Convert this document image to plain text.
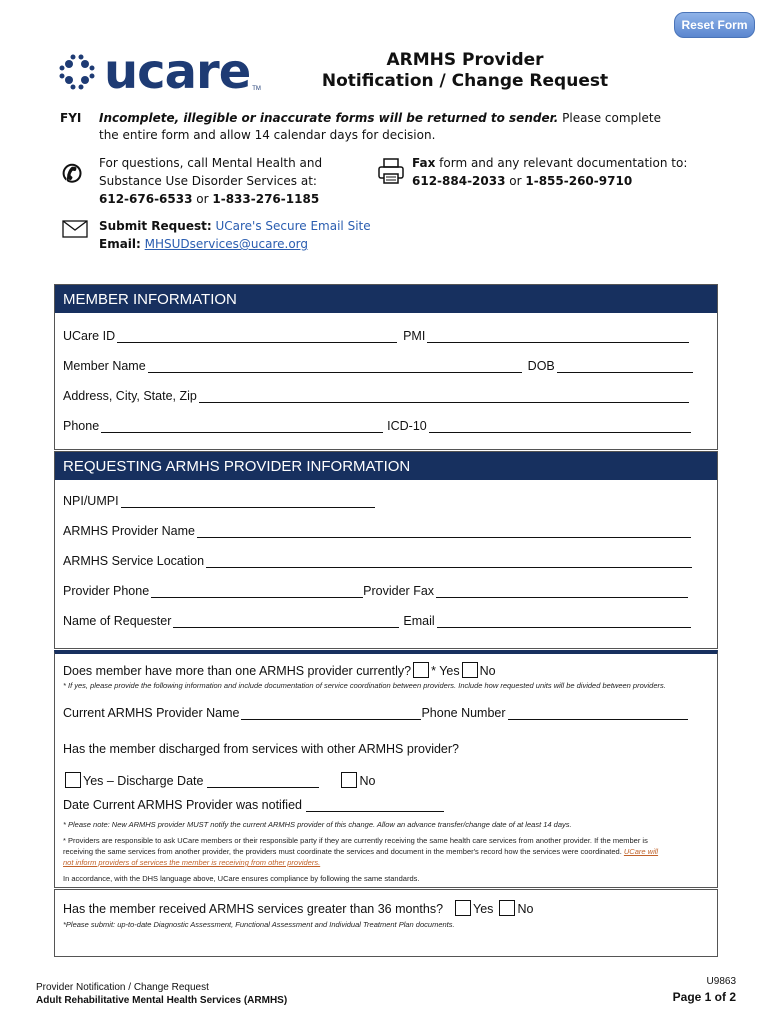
Reset Form
ucare TM
ARMHS Provider
Notification / Change Request
FYI Incomplete, illegible or inaccurate forms will be returned to sender. Please complete
the entire form and allow 14 calendar days for decision.
✆ For questions, call Mental Health and
Substance Use Disorder Services at:
612-676-6533 or 1-833-276-1185
Fax form and any relevant documentation to:
612-884-2033 or 1-855-260-9710
Submit Request: UCare's Secure Email Site
Email: MHSUDservices@ucare.org
MEMBER INFORMATION
UCare ID	PMI
Member Name	DOB
Address, City, State, Zip
Phone	ICD-10
REQUESTING ARMHS PROVIDER INFORMATION
NPI/UMPI
ARMHS Provider Name
ARMHS Service Location
Provider Phone	Provider Fax
Name of Requester	Email
Does member have more than one ARMHS provider currently? * Yes No
* If yes, please provide the following information and include documentation of service coordination between providers. Include how requested units will be divided between providers.
Current ARMHS Provider Name	Phone Number
Has the member discharged from services with other ARMHS provider?
Yes – Discharge Date	No
Date Current ARMHS Provider was notified
* Please note: New ARMHS provider MUST notify the current ARMHS provider of this change. Allow an advance transfer/change date of at least 14 days.
* Providers are responsible to ask UCare members or their responsible party if they are currently receiving the same health care services from another provider. If the member is
receiving the same services from another provider, the providers must coordinate the services and document in the member's record how the services were coordinated. UCare will
not inform providers of services the member is receiving from other providers.
In accordance, with the DHS language above, UCare ensures compliance by following the same standards.
Has the member received ARMHS services greater than 36 months? Yes No
*Please submit: up-to-date Diagnostic Assessment, Functional Assessment and Individual Treatment Plan documents.
Provider Notification / Change Request
Adult Rehabilitative Mental Health Services (ARMHS)
U9863
Page 1 of 2
